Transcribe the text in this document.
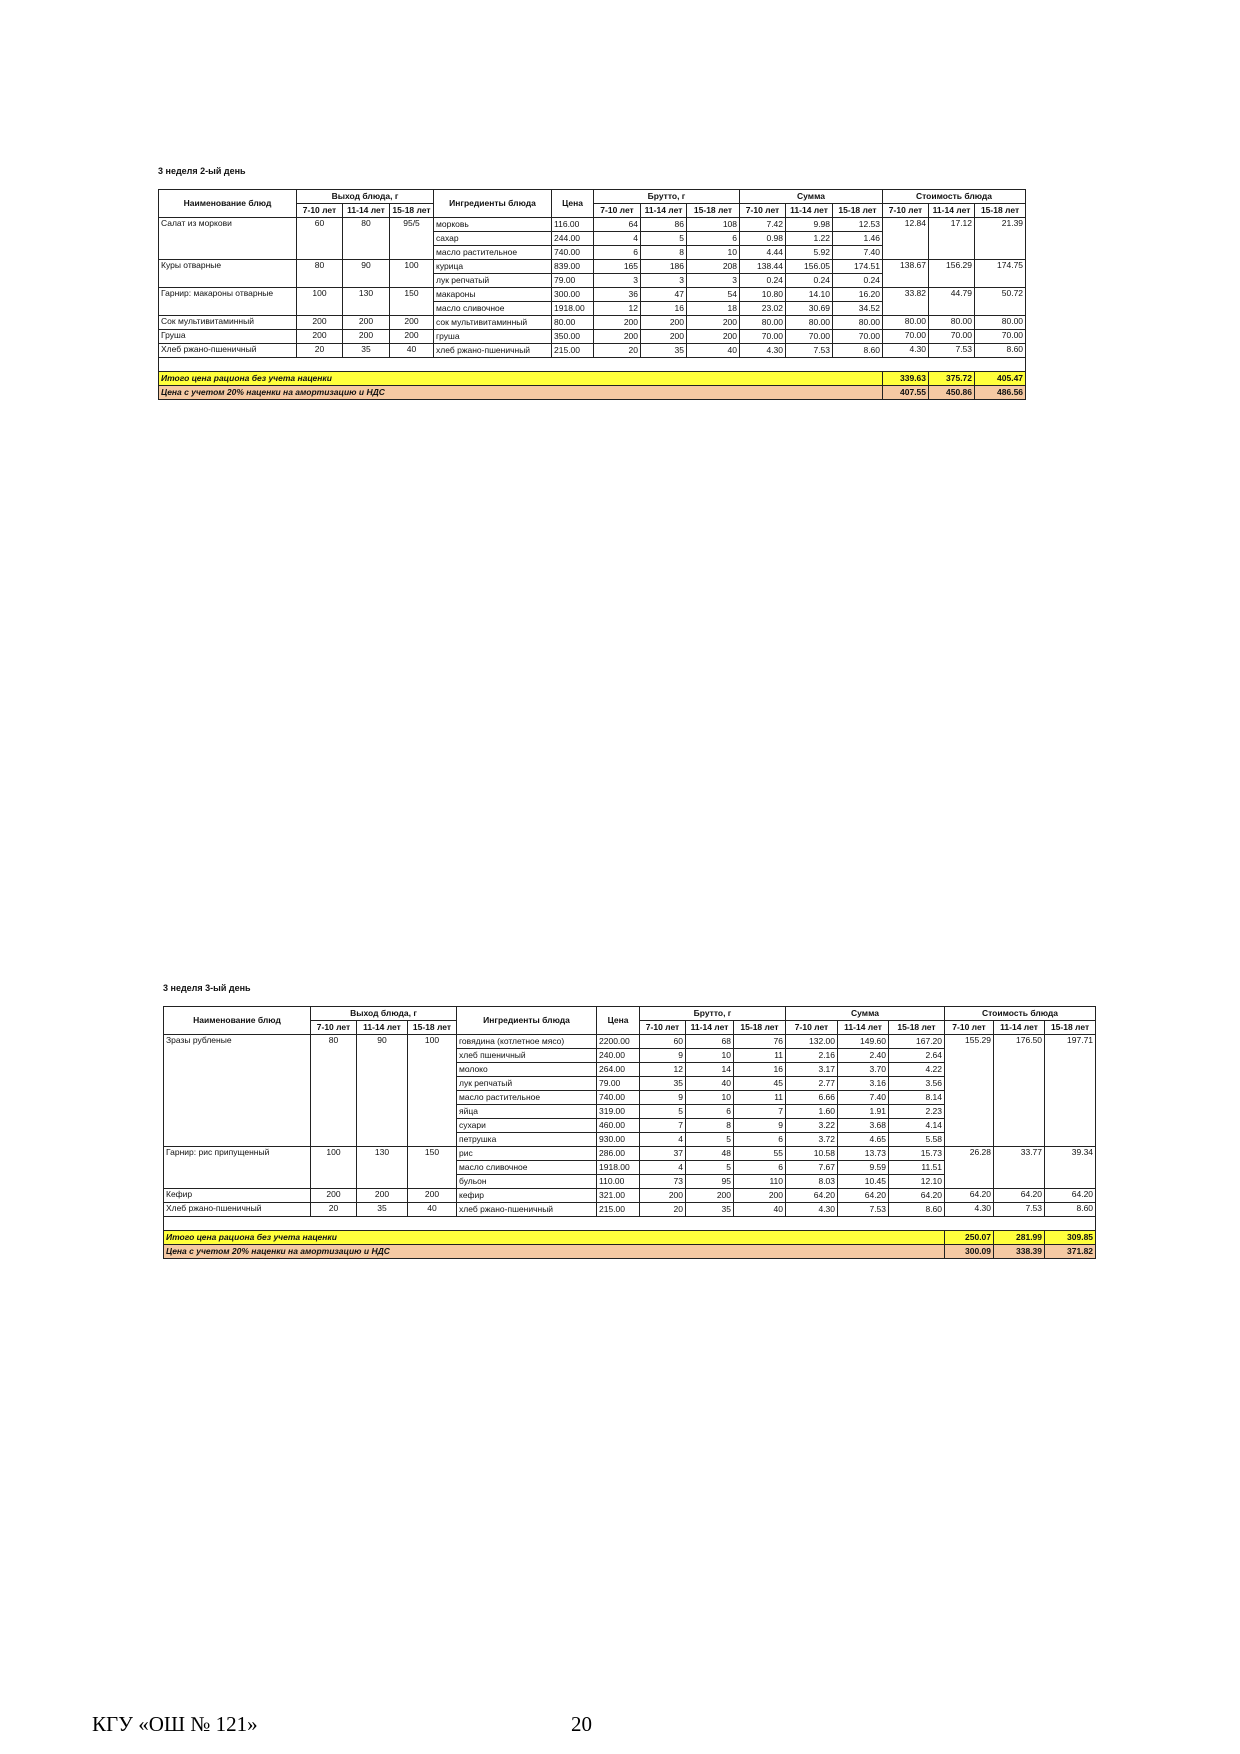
3 неделя 2-ый день
Наименование блюд	Выход блюда, г			Ингредиенты блюда	Цена	Брутто, г			Сумма			Стоимость блюда		
	7-10 лет	11-14 лет	15-18 лет			7-10 лет	11-14 лет	15-18 лет	7-10 лет	11-14 лет	15-18 лет	7-10 лет	11-14 лет	15-18 лет
Салат из моркови	60	80	95/5	морковь	116.00	64	86	108	7.42	9.98	12.53	12.84	17.12	21.39
				сахар	244.00	4	5	6	0.98	1.22	1.46			
				масло растительное	740.00	6	8	10	4.44	5.92	7.40			
Куры отварные	80	90	100	курица	839.00	165	186	208	138.44	156.05	174.51	138.67	156.29	174.75
				лук репчатый	79.00	3	3	3	0.24	0.24	0.24			
Гарнир: макароны отварные	100	130	150	макароны	300.00	36	47	54	10.80	14.10	16.20	33.82	44.79	50.72
				масло сливочное	1918.00	12	16	18	23.02	30.69	34.52			
Сок мультивитаминный	200	200	200	сок мультивитаминный	80.00	200	200	200	80.00	80.00	80.00	80.00	80.00	80.00
Груша	200	200	200	груша	350.00	200	200	200	70.00	70.00	70.00	70.00	70.00	70.00
Хлеб ржано-пшеничный	20	35	40	хлеб ржано-пшеничный	215.00	20	35	40	4.30	7.53	8.60	4.30	7.53	8.60

Итого цена рациона без учета наценки												339.63	375.72	405.47
Цена с учетом 20% наценки на амортизацию и НДС												407.55	450.86	486.56
3 неделя 3-ый день
Наименование блюд	Выход блюда, г			Ингредиенты блюда	Цена	Брутто, г			Сумма			Стоимость блюда		
	7-10 лет	11-14 лет	15-18 лет			7-10 лет	11-14 лет	15-18 лет	7-10 лет	11-14 лет	15-18 лет	7-10 лет	11-14 лет	15-18 лет
Зразы рубленые	80	90	100	говядина (котлетное мясо)	2200.00	60	68	76	132.00	149.60	167.20	155.29	176.50	197.71
				хлеб пшеничный	240.00	9	10	11	2.16	2.40	2.64			
				молоко	264.00	12	14	16	3.17	3.70	4.22			
				лук репчатый	79.00	35	40	45	2.77	3.16	3.56			
				масло растительное	740.00	9	10	11	6.66	7.40	8.14			
				яйца	319.00	5	6	7	1.60	1.91	2.23			
				сухари	460.00	7	8	9	3.22	3.68	4.14			
				петрушка	930.00	4	5	6	3.72	4.65	5.58			
Гарнир: рис припущенный	100	130	150	рис	286.00	37	48	55	10.58	13.73	15.73	26.28	33.77	39.34
				масло сливочное	1918.00	4	5	6	7.67	9.59	11.51			
				бульон	110.00	73	95	110	8.03	10.45	12.10			
Кефир	200	200	200	кефир	321.00	200	200	200	64.20	64.20	64.20	64.20	64.20	64.20
Хлеб ржано-пшеничный	20	35	40	хлеб ржано-пшеничный	215.00	20	35	40	4.30	7.53	8.60	4.30	7.53	8.60

Итого цена рациона без учета наценки												250.07	281.99	309.85
Цена с учетом 20% наценки на амортизацию и НДС												300.09	338.39	371.82
КГУ «ОШ № 121»	20
